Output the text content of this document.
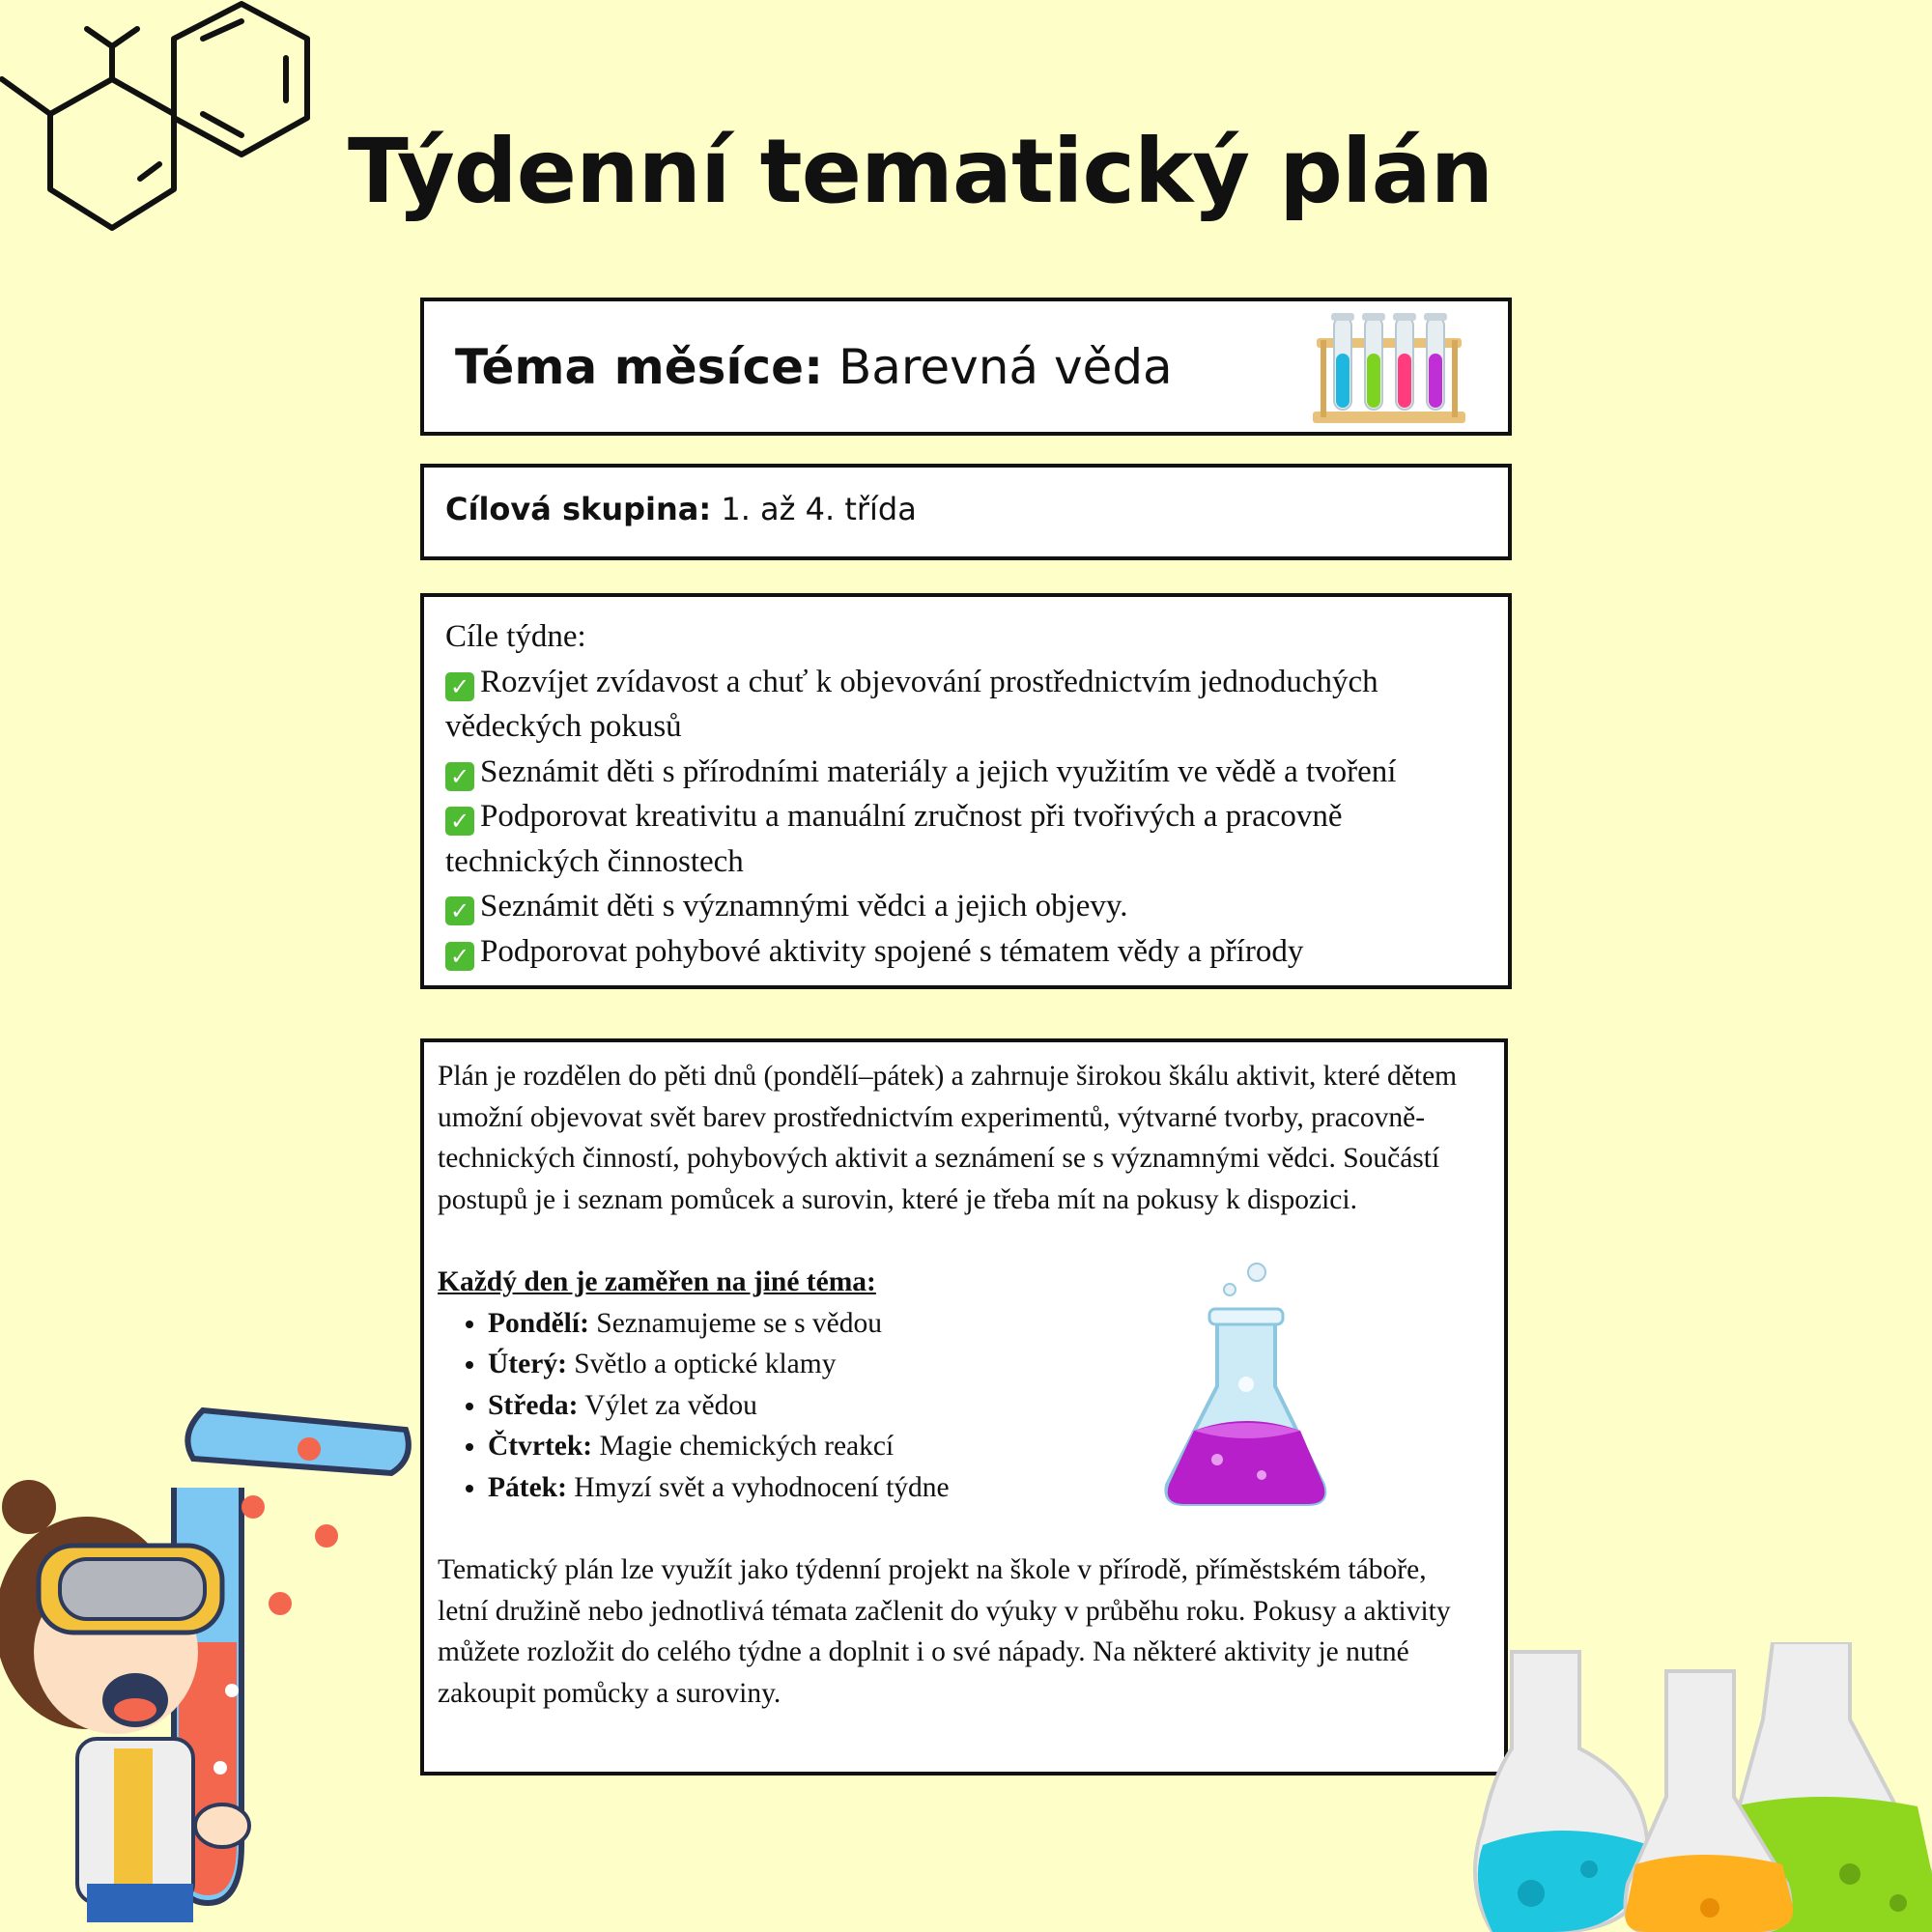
Týdenní tematický plán
Téma měsíce: Barevná věda
Cílová skupina: 1. až 4. třída
Cíle týdne:
✓ Rozvíjet zvídavost a chuť k objevování prostřednictvím jednoduchých vědeckých pokusů
✓ Seznámit děti s přírodními materiály a jejich využitím ve vědě a tvoření
✓ Podporovat kreativitu a manuální zručnost při tvořivých a pracovně technických činnostech
✓ Seznámit děti s významnými vědci a jejich objevy.
✓ Podporovat pohybové aktivity spojené s tématem vědy a přírody

Plán je rozdělen do pěti dnů (pondělí–pátek) a zahrnuje širokou škálu aktivit, které dětem umožní objevovat svět barev prostřednictvím experimentů, výtvarné tvorby, pracovně-technických činností, pohybových aktivit a seznámení se s významnými vědci. Součástí postupů je i seznam pomůcek a surovin, které je třeba mít na pokusy k dispozici.

Každý den je zaměřen na jiné téma:

• Pondělí: Seznamujeme se s vědou
• Úterý: Světlo a optické klamy
• Středa: Výlet za vědou
• Čtvrtek: Magie chemických reakcí
• Pátek: Hmyzí svět a vyhodnocení týdne

Tematický plán lze využít jako týdenní projekt na škole v přírodě, příměstském táboře, letní družině nebo jednotlivá témata začlenit do výuky v průběhu roku. Pokusy a aktivity můžete rozložit do celého týdne a doplnit i o své nápady. Na některé aktivity je nutné zakoupit pomůcky a suroviny.
